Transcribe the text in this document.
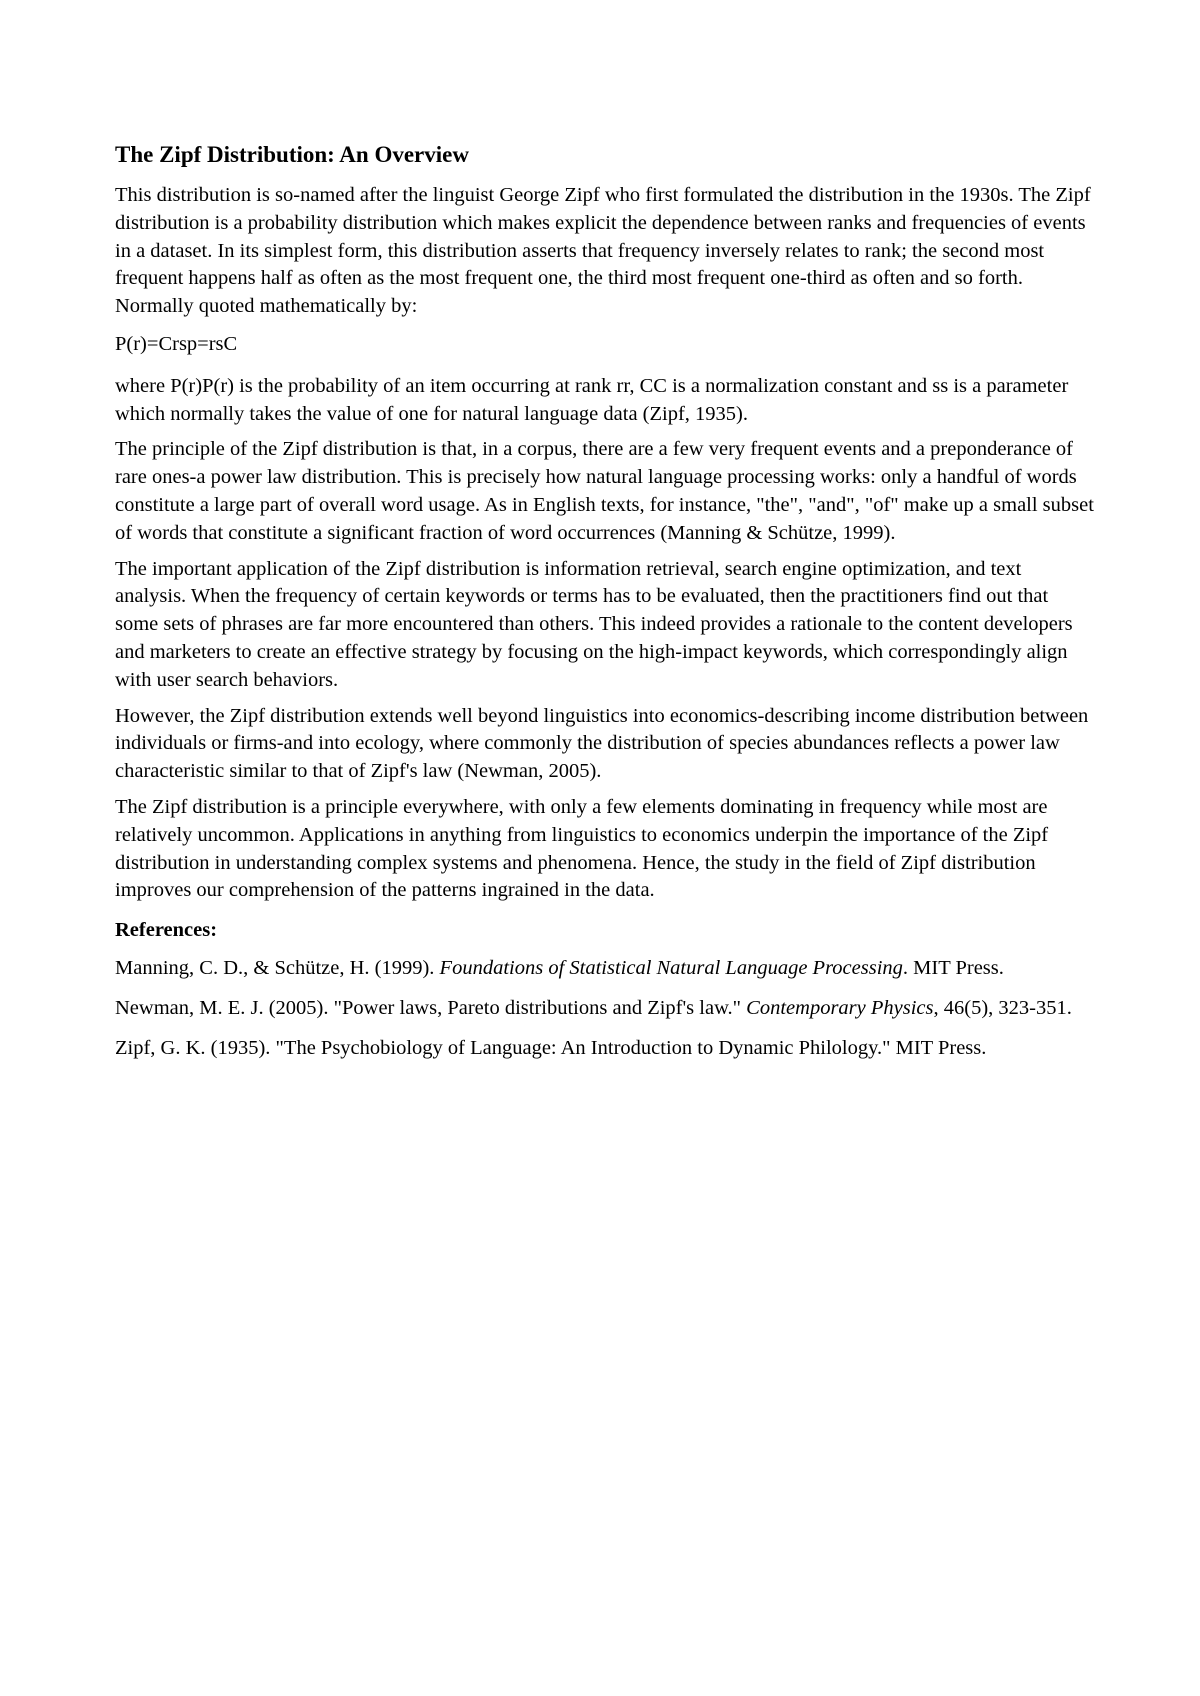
The Zipf Distribution: An Overview

This distribution is so-named after the linguist George Zipf who first formulated the distribution in the 1930s. The Zipf distribution is a probability distribution which makes explicit the dependence between ranks and frequencies of events in a dataset. In its simplest form, this distribution asserts that frequency inversely relates to rank; the second most frequent happens half as often as the most frequent one, the third most frequent one-third as often and so forth. Normally quoted mathematically by:

P(r)=Crsp=rsC

where P(r)P(r) is the probability of an item occurring at rank rr, CC is a normalization constant and ss is a parameter which normally takes the value of one for natural language data (Zipf, 1935).

The principle of the Zipf distribution is that, in a corpus, there are a few very frequent events and a preponderance of rare ones-a power law distribution. This is precisely how natural language processing works: only a handful of words constitute a large part of overall word usage. As in English texts, for instance, "the", "and", "of" make up a small subset of words that constitute a significant fraction of word occurrences (Manning & Schütze, 1999).

The important application of the Zipf distribution is information retrieval, search engine optimization, and text analysis. When the frequency of certain keywords or terms has to be evaluated, then the practitioners find out that some sets of phrases are far more encountered than others. This indeed provides a rationale to the content developers and marketers to create an effective strategy by focusing on the high-impact keywords, which correspondingly align with user search behaviors.

However, the Zipf distribution extends well beyond linguistics into economics-describing income distribution between individuals or firms-and into ecology, where commonly the distribution of species abundances reflects a power law characteristic similar to that of Zipf's law (Newman, 2005).

The Zipf distribution is a principle everywhere, with only a few elements dominating in frequency while most are relatively uncommon. Applications in anything from linguistics to economics underpin the importance of the Zipf distribution in understanding complex systems and phenomena. Hence, the study in the field of Zipf distribution improves our comprehension of the patterns ingrained in the data.

References:

Manning, C. D., & Schütze, H. (1999). Foundations of Statistical Natural Language Processing. MIT Press.

Newman, M. E. J. (2005). "Power laws, Pareto distributions and Zipf's law." Contemporary Physics, 46(5), 323-351.

Zipf, G. K. (1935). "The Psychobiology of Language: An Introduction to Dynamic Philology." MIT Press.
